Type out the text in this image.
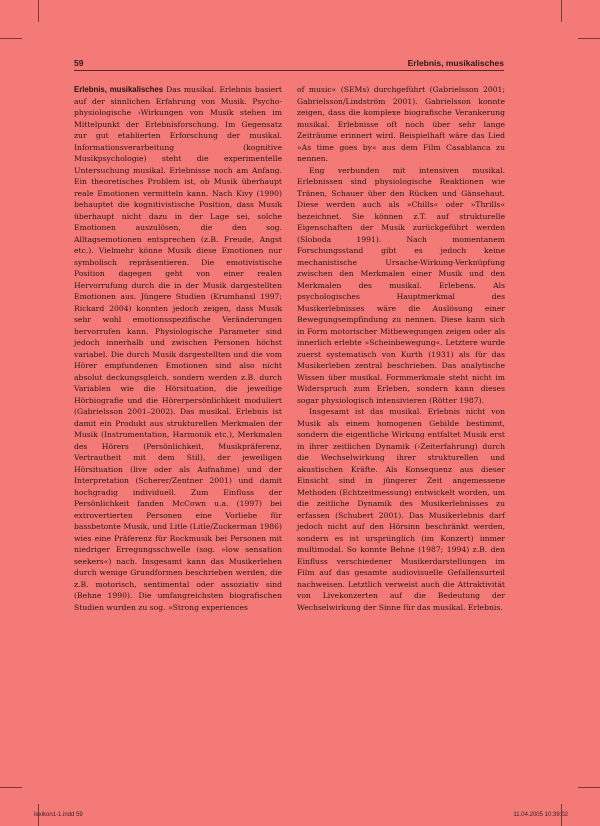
59	Erlebnis, musikalisches

Erlebnis, musikalisches Das musikal. Erlebnis basiert auf der sinnlichen Erfahrung von Musik. Psycho-physiologische ›Wirkungen von Musik stehen im Mittelpunkt der Erlebnisforschung. Im Gegensatz zur gut etablierten Erforschung der musikal. Informationsverarbeitung (kognitive Musikpsychologie) steht die experimentelle Untersuchung musikal. Erlebnisse noch am Anfang. Ein theoretisches Problem ist, ob Musik überhaupt reale Emotionen vermitteln kann. Nach Kivy (1990) behauptet die kognitivistische Position, dass Musik überhaupt nicht dazu in der Lage sei, solche Emotionen auszulösen, die den sog. Alltagsemotionen entsprechen (z.B. Freude, Angst etc.). Vielmehr könne Musik diese Emotionen nur symbolisch repräsentieren. Die emotivistische Position dagegen geht von einer realen Hervorrufung durch die in der Musik dargestellten Emotionen aus. Jüngere Studien (Krumhansl 1997; Rickard 2004) konnten jedoch zeigen, dass Musik sehr wohl emotionsspezifische Veränderungen hervorrufen kann. Physiologische Parameter sind jedoch innerhalb und zwischen Personen höchst variabel. Die durch Musik dargestellten und die vom Hörer empfundenen Emotionen sind also nicht absolut deckungsgleich, sondern werden z.B. durch Variablen wie die Hörsituation, die jeweilige Hörbiografie und die Hörerpersönlichkeit moduliert (Gabrielsson 2001–2002). Das musikal. Erlebnis ist damit ein Produkt aus strukturellen Merkmalen der Musik (Instrumentation, Harmonik etc.), Merkmalen des Hörers (Persönlichkeit, Musikpräferenz, Vertrautheit mit dem Stil), der jeweiligen Hörsituation (live oder als Aufnahme) und der Interpretation (Scherer/Zentner 2001) und damit hochgradig individuell. Zum Einfluss der Persönlichkeit fanden McCown u.a. (1997) bei extrovertierten Personen eine Vorliebe für bassbetonte Musik, und Litle (Litle/Zuckerman 1986) wies eine Präferenz für Rockmusik bei Personen mit niedriger Erregungsschwelle (sog. »low sensation seekers«) nach. Insgesamt kann das Musikerleben durch wenige Grundformen beschrieben werden, die z.B. motorisch, sentimental oder assoziativ sind (Behne 1990). Die umfangreichsten biografischen Studien wurden zu sog. »Strong experiences

of music« (SEMs) durchgeführt (Gabrielsson 2001; Gabrielsson/Lindström 2001). Gabrielsson konnte zeigen, dass die komplexe biografische Verankerung musikal. Erlebnisse oft noch über sehr lange Zeiträume erinnert wird. Beispielhaft wäre das Lied »As time goes by« aus dem Film Casablanca zu nennen.

Eng verbunden mit intensiven musikal. Erlebnissen sind physiologische Reaktionen wie Tränen, Schauer über den Rücken und Gänsehaut. Diese werden auch als »Chills« oder »Thrills« bezeichnet. Sie können z.T. auf strukturelle Eigenschaften der Musik zurückgeführt werden (Sloboda 1991). Nach momentanem Forschungsstand gibt es jedoch keine mechanistische Ursache-Wirkung-Verknüpfung zwischen den Merkmalen einer Musik und den Merkmalen des musikal. Erlebens. Als psychologisches Hauptmerkmal des Musikerlebnisses wäre die Auslösung einer Bewegungsempfindung zu nennen. Diese kann sich in Form motorischer Mitbewegungen zeigen oder als innerlich erlebte »Scheinbewegung«. Letztere wurde zuerst systematisch von Kurth (1931) als für das Musikerleben zentral beschrieben. Das analytische Wissen über musikal. Formmerkmale steht nicht im Widerspruch zum Erleben, sondern kann dieses sogar physiologisch intensivieren (Rötter 1987).

Insgesamt ist das musikal. Erlebnis nicht von Musik als einem homogenen Gebilde bestimmt, sondern die eigentliche Wirkung entfaltet Musik erst in ihrer zeitlichen Dynamik (›Zeiterfahrung) durch die Wechselwirkung ihrer strukturellen und akustischen Kräfte. Als Konsequenz aus dieser Einsicht sind in jüngerer Zeit angemessene Methoden (Echtzeitmessung) entwickelt worden, um die zeitliche Dynamik des Musikerlebnisses zu erfassen (Schubert 2001). Das Musikerlebnis darf jedoch nicht auf den Hörsinn beschränkt werden, sondern es ist ursprünglich (im Konzert) immer multimodal. So konnte Behne (1987; 1994) z.B. den Einfluss verschiedener Musikerdarstellungen im Film auf das gesamte audiovisuelle Gefallensurteil nachweisen. Letztlich verweist auch die Attraktivität von Livekonzerten auf die Bedeutung der Wechselwirkung der Sinne für das musikal. Erlebnis.

lexikon1-1.indd 59	11.04.2005 10:39:02
